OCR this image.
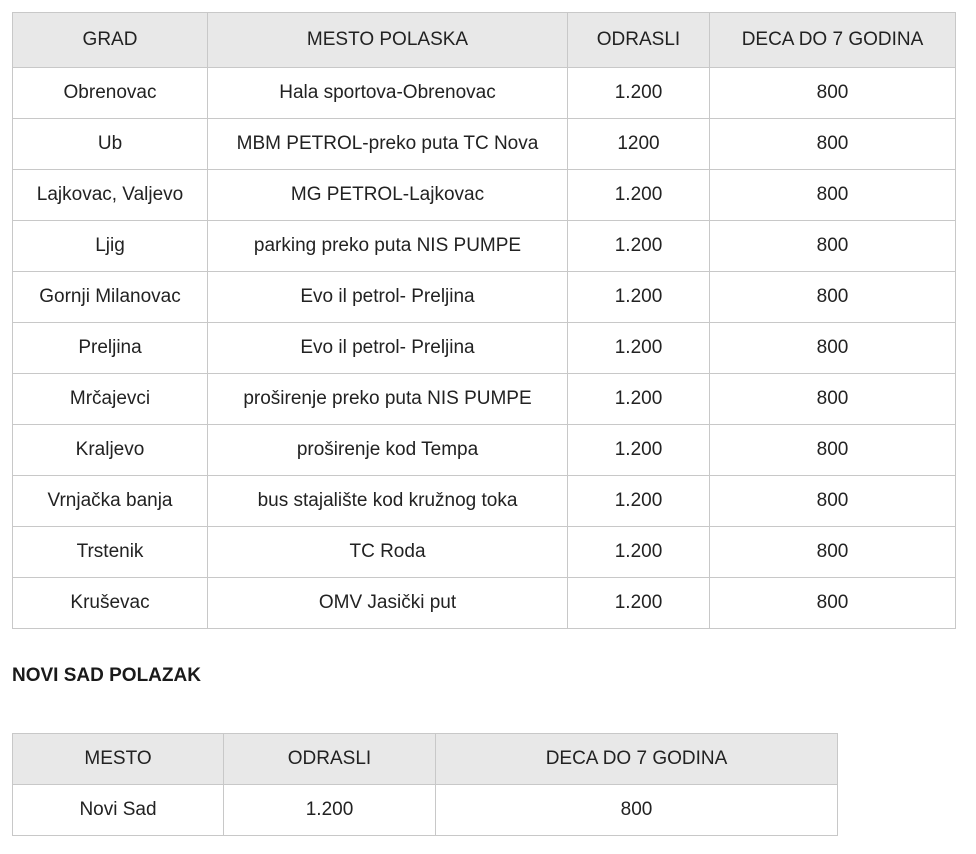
GRAD	MESTO POLASKA	ODRASLI	DECA DO 7 GODINA
Obrenovac	Hala sportova-Obrenovac	1.200	800
Ub	MBM PETROL-preko puta TC Nova	1200	800
Lajkovac, Valjevo	MG PETROL-Lajkovac	1.200	800
Ljig	parking preko puta NIS PUMPE	1.200	800
Gornji Milanovac	Evo il petrol- Preljina	1.200	800
Preljina	Evo il petrol- Preljina	1.200	800
Mrčajevci	proširenje preko puta NIS PUMPE	1.200	800
Kraljevo	proširenje kod Tempa	1.200	800
Vrnjačka banja	bus stajalište kod kružnog toka	1.200	800
Trstenik	TC Roda	1.200	800
Kruševac	OMV Jasički put	1.200	800
NOVI SAD POLAZAK
MESTO	ODRASLI	DECA DO 7 GODINA
Novi Sad	1.200	800
